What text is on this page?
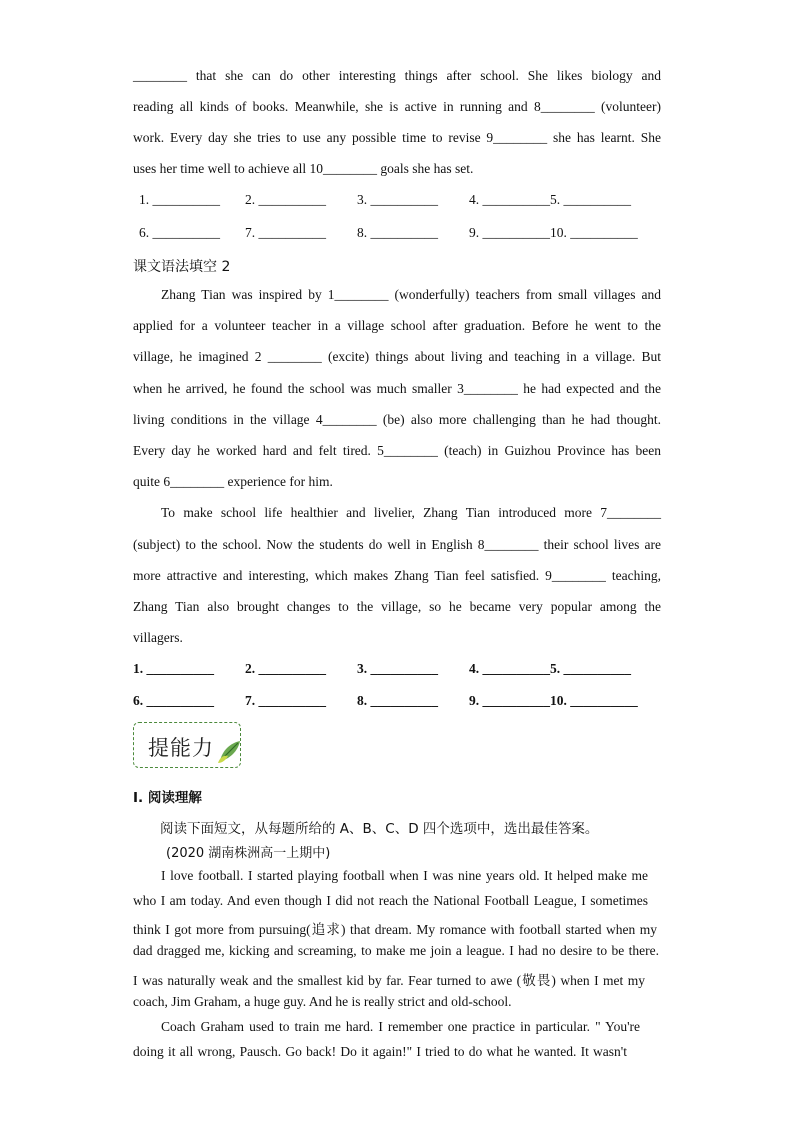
________ that she can do other interesting things after school. She likes biology and
reading all kinds of books. Meanwhile, she is active in running and 8________ (volunteer)
work. Every day she tries to use any possible time to revise 9________ she has learnt. She
uses her time well to achieve all 10________ goals she has set.
1. __________ 2. __________ 3. __________ 4. __________5. __________
6. __________ 7. __________ 8. __________ 9. __________10. __________
课文语法填空 2
Zhang Tian was inspired by 1________ (wonderfully) teachers from small villages and
applied for a volunteer teacher in a village school after graduation. Before he went to the
village, he imagined 2 ________ (excite) things about living and teaching in a village. But
when he arrived, he found the school was much smaller 3________ he had expected and the
living conditions in the village 4________ (be) also more challenging than he had thought.
Every day he worked hard and felt tired. 5________ (teach) in Guizhou Province has been
quite 6________ experience for him.
To make school life healthier and livelier, Zhang Tian introduced more 7________
(subject) to the school. Now the students do well in English 8________ their school lives are
more attractive and interesting, which makes Zhang Tian feel satisfied. 9________ teaching,
Zhang Tian also brought changes to the village, so he became very popular among the
villagers.
1. __________ 2. __________ 3. __________ 4. __________5. __________
6. __________ 7. __________ 8. __________ 9. __________10. __________
提能力
I. 阅读理解
阅读下面短文，从每题所给的 A、B、C、D 四个选项中，选出最佳答案。
(2020 湖南株洲高一上期中)
I love football. I started playing football when I was nine years old. It helped make me
who I am today. And even though I did not reach the National Football League, I sometimes
think I got more from pursuing(追求) that dream. My romance with football started when my
dad dragged me, kicking and screaming, to make me join a league. I had no desire to be there.
I was naturally weak and the smallest kid by far. Fear turned to awe (敬畏) when I met my
coach, Jim Graham, a huge guy. And he is really strict and old-school.
Coach Graham used to train me hard. I remember one practice in particular. " You're
doing it all wrong, Pausch. Go back! Do it again!" I tried to do what he wanted. It wasn't
